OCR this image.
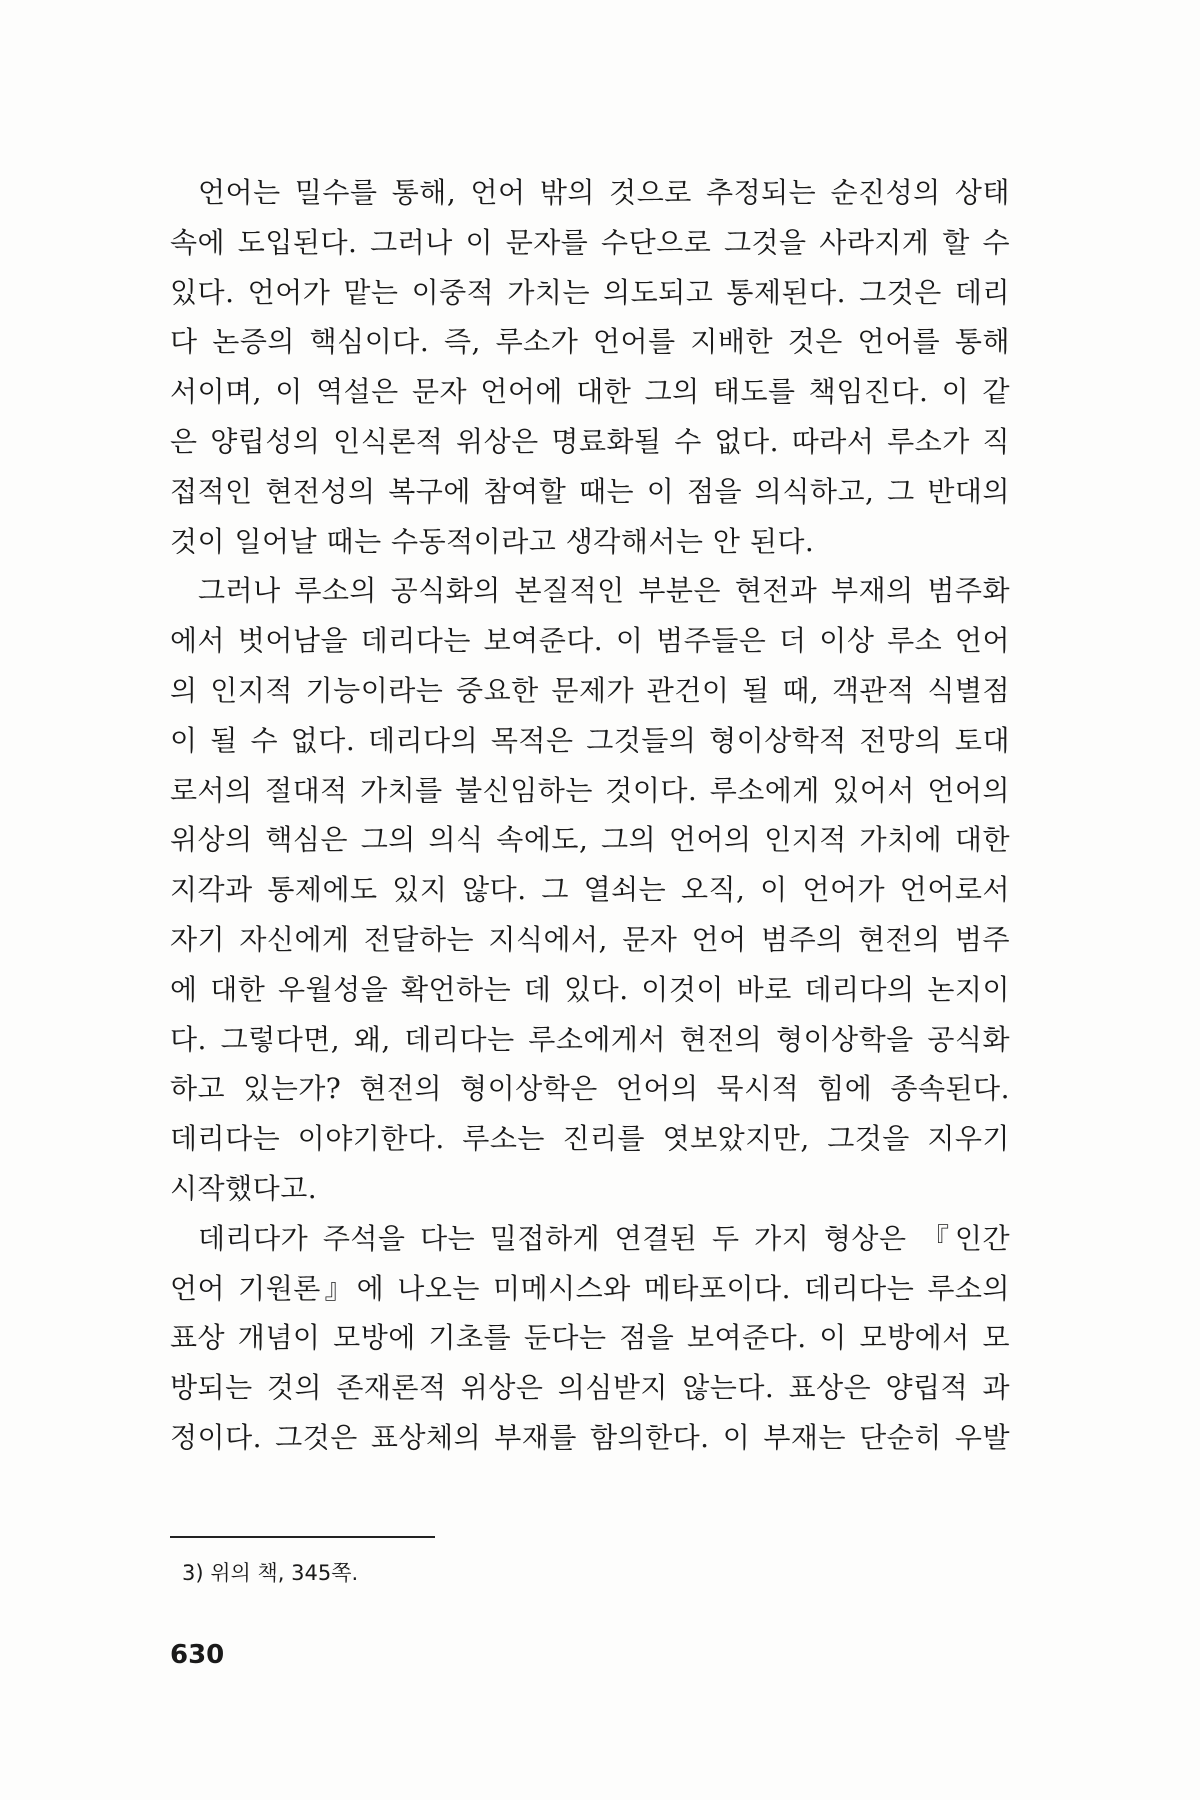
언어는 밀수를 통해, 언어 밖의 것으로 추정되는 순진성의 상태
속에 도입된다. 그러나 이 문자를 수단으로 그것을 사라지게 할 수
있다. 언어가 맡는 이중적 가치는 의도되고 통제된다. 그것은 데리
다 논증의 핵심이다. 즉, 루소가 언어를 지배한 것은 언어를 통해
서이며, 이 역설은 문자 언어에 대한 그의 태도를 책임진다. 이 같
은 양립성의 인식론적 위상은 명료화될 수 없다. 따라서 루소가 직
접적인 현전성의 복구에 참여할 때는 이 점을 의식하고, 그 반대의
것이 일어날 때는 수동적이라고 생각해서는 안 된다.
그러나 루소의 공식화의 본질적인 부분은 현전과 부재의 범주화
에서 벗어남을 데리다는 보여준다. 이 범주들은 더 이상 루소 언어
의 인지적 기능이라는 중요한 문제가 관건이 될 때, 객관적 식별점
이 될 수 없다. 데리다의 목적은 그것들의 형이상학적 전망의 토대
로서의 절대적 가치를 불신임하는 것이다. 루소에게 있어서 언어의
위상의 핵심은 그의 의식 속에도, 그의 언어의 인지적 가치에 대한
지각과 통제에도 있지 않다. 그 열쇠는 오직, 이 언어가 언어로서
자기 자신에게 전달하는 지식에서, 문자 언어 범주의 현전의 범주
에 대한 우월성을 확언하는 데 있다. 이것이 바로 데리다의 논지이
다. 그렇다면, 왜, 데리다는 루소에게서 현전의 형이상학을 공식화
하고 있는가? 현전의 형이상학은 언어의 묵시적 힘에 종속된다.
데리다는 이야기한다. 루소는 진리를 엿보았지만, 그것을 지우기
시작했다고.
데리다가 주석을 다는 밀접하게 연결된 두 가지 형상은 『인간
언어 기원론』에 나오는 미메시스와 메타포이다. 데리다는 루소의
표상 개념이 모방에 기초를 둔다는 점을 보여준다. 이 모방에서 모
방되는 것의 존재론적 위상은 의심받지 않는다. 표상은 양립적 과
정이다. 그것은 표상체의 부재를 함의한다. 이 부재는 단순히 우발
3) 위의 책, 345쪽.
630
